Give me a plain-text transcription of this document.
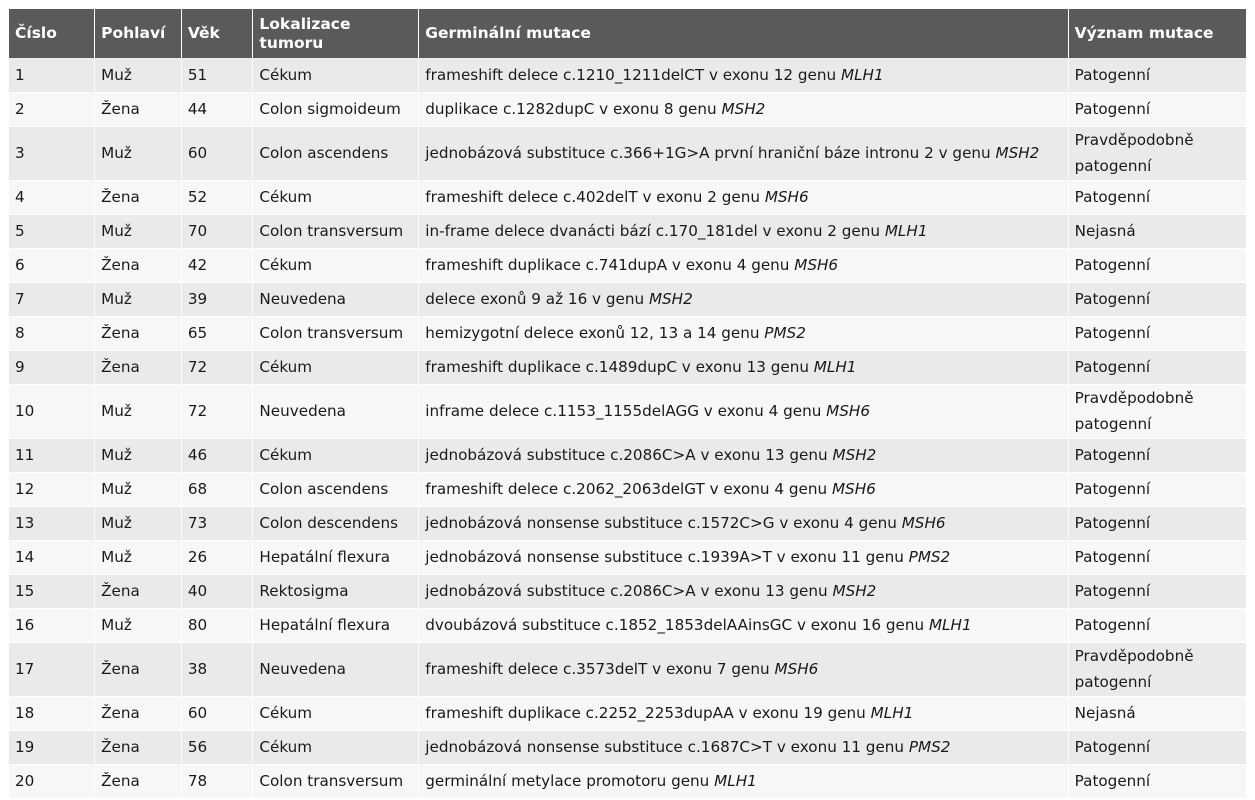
Číslo	Pohlaví	Věk	Lokalizace tumoru	Germinální mutace	Význam mutace
1	Muž	51	Cékum	frameshift delece c.1210_1211delCT v exonu 12 genu MLH1	Patogenní
2	Žena	44	Colon sigmoideum	duplikace c.1282dupC v exonu 8 genu MSH2	Patogenní
3	Muž	60	Colon ascendens	jednobázová substituce c.366+1G>A první hraniční báze intronu 2 v genu MSH2	Pravděpodobně patogenní
4	Žena	52	Cékum	frameshift delece c.402delT v exonu 2 genu MSH6	Patogenní
5	Muž	70	Colon transversum	in-frame delece dvanácti bází c.170_181del v exonu 2 genu MLH1	Nejasná
6	Žena	42	Cékum	frameshift duplikace c.741dupA v exonu 4 genu MSH6	Patogenní
7	Muž	39	Neuvedena	delece exonů 9 až 16 v genu MSH2	Patogenní
8	Žena	65	Colon transversum	hemizygotní delece exonů 12, 13 a 14 genu PMS2	Patogenní
9	Žena	72	Cékum	frameshift duplikace c.1489dupC v exonu 13 genu MLH1	Patogenní
10	Muž	72	Neuvedena	inframe delece c.1153_1155delAGG v exonu 4 genu MSH6	Pravděpodobně patogenní
11	Muž	46	Cékum	jednobázová substituce c.2086C>A v exonu 13 genu MSH2	Patogenní
12	Muž	68	Colon ascendens	frameshift delece c.2062_2063delGT v exonu 4 genu MSH6	Patogenní
13	Muž	73	Colon descendens	jednobázová nonsense substituce c.1572C>G v exonu 4 genu MSH6	Patogenní
14	Muž	26	Hepatální flexura	jednobázová nonsense substituce c.1939A>T v exonu 11 genu PMS2	Patogenní
15	Žena	40	Rektosigma	jednobázová substituce c.2086C>A v exonu 13 genu MSH2	Patogenní
16	Muž	80	Hepatální flexura	dvoubázová substituce c.1852_1853delAAinsGC v exonu 16 genu MLH1	Patogenní
17	Žena	38	Neuvedena	frameshift delece c.3573delT v exonu 7 genu MSH6	Pravděpodobně patogenní
18	Žena	60	Cékum	frameshift duplikace c.2252_2253dupAA v exonu 19 genu MLH1	Nejasná
19	Žena	56	Cékum	jednobázová nonsense substituce c.1687C>T v exonu 11 genu PMS2	Patogenní
20	Žena	78	Colon transversum	germinální metylace promotoru genu MLH1	Patogenní
